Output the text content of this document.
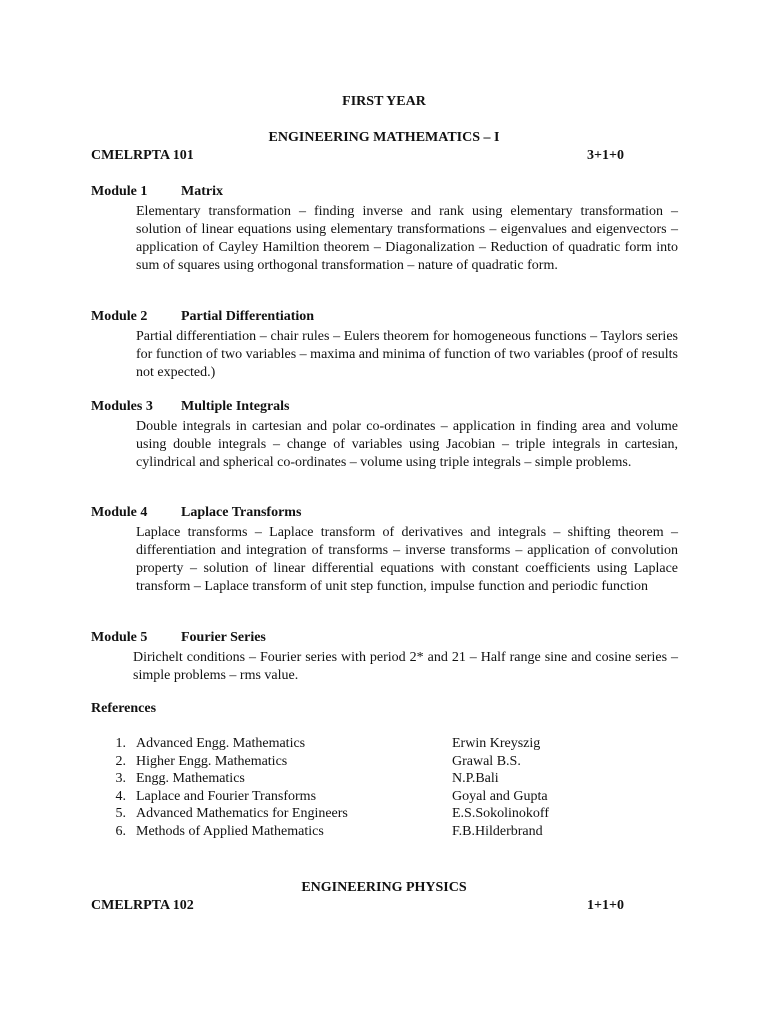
FIRST YEAR
ENGINEERING MATHEMATICS – I
CMELRPTA 101	3+1+0
Module 1 Matrix
Elementary transformation – finding inverse and rank using elementary transformation – solution of linear equations using elementary transformations – eigenvalues and eigenvectors – application of Cayley Hamiltion theorem – Diagonalization – Reduction of quadratic form into sum of squares using orthogonal transformation – nature of quadratic form.
Module 2 Partial Differentiation
Partial differentiation – chair rules – Eulers theorem for homogeneous functions – Taylors series for function of two variables – maxima and minima of function of two variables (proof of results not expected.)
Modules 3 Multiple Integrals
Double integrals in cartesian and polar co-ordinates – application in finding area and volume using double integrals – change of variables using Jacobian – triple integrals in cartesian, cylindrical and spherical co-ordinates – volume using triple integrals – simple problems.
Module 4 Laplace Transforms
Laplace transforms – Laplace transform of derivatives and integrals – shifting theorem – differentiation and integration of transforms – inverse transforms – application of convolution property – solution of linear differential equations with constant coefficients using Laplace transform – Laplace transform of unit step function, impulse function and periodic function
Module 5 Fourier Series
Dirichelt conditions – Fourier series with period 2* and 21 – Half range sine and cosine series – simple problems – rms value.
References
1. Advanced Engg. Mathematics	Erwin Kreyszig
2. Higher Engg. Mathematics	Grawal B.S.
3. Engg. Mathematics	N.P.Bali
4. Laplace and Fourier Transforms	Goyal and Gupta
5. Advanced Mathematics for Engineers	E.S.Sokolinokoff
6. Methods of Applied Mathematics	F.B.Hilderbrand
ENGINEERING PHYSICS
CMELRPTA 102	1+1+0
